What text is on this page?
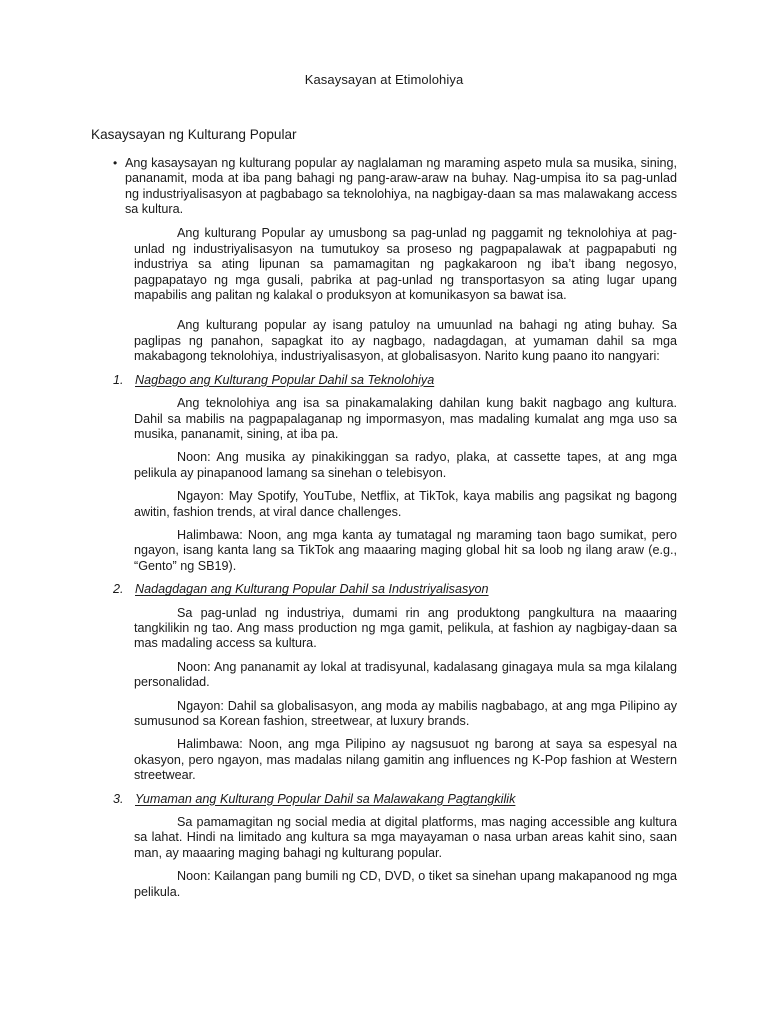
Kasaysayan at Etimolohiya
Kasaysayan ng Kulturang Popular
• Ang kasaysayan ng kulturang popular ay naglalaman ng maraming aspeto mula sa musika, sining, pananamit, moda at iba pang bahagi ng pang-araw-araw na buhay. Nag-umpisa ito sa pag-unlad ng industriyalisasyon at pagbabago sa teknolohiya, na nagbigay-daan sa mas malawakang access sa kultura.

Ang kulturang Popular ay umusbong sa pag-unlad ng paggamit ng teknolohiya at pag-unlad ng industriyalisasyon na tumutukoy sa proseso ng pagpapalawak at pagpapabuti ng industriya sa ating lipunan sa pamamagitan ng pagkakaroon ng iba’t ibang negosyo, pagpapatayo ng mga gusali, pabrika at pag-unlad ng transportasyon sa ating lugar upang mapabilis ang palitan ng kalakal o produksyon at komunikasyon sa bawat isa.

Ang kulturang popular ay isang patuloy na umuunlad na bahagi ng ating buhay. Sa paglipas ng panahon, sapagkat ito ay nagbago, nadagdagan, at yumaman dahil sa mga makabagong teknolohiya, industriyalisasyon, at globalisasyon. Narito kung paano ito nangyari:

1. Nagbago ang Kulturang Popular Dahil sa Teknolohiya

Ang teknolohiya ang isa sa pinakamalaking dahilan kung bakit nagbago ang kultura. Dahil sa mabilis na pagpapalaganap ng impormasyon, mas madaling kumalat ang mga uso sa musika, pananamit, sining, at iba pa.

Noon: Ang musika ay pinakikinggan sa radyo, plaka, at cassette tapes, at ang mga pelikula ay pinapanood lamang sa sinehan o telebisyon.

Ngayon: May Spotify, YouTube, Netflix, at TikTok, kaya mabilis ang pagsikat ng bagong awitin, fashion trends, at viral dance challenges.

Halimbawa: Noon, ang mga kanta ay tumatagal ng maraming taon bago sumikat, pero ngayon, isang kanta lang sa TikTok ang maaaring maging global hit sa loob ng ilang araw (e.g., “Gento” ng SB19).

2. Nadagdagan ang Kulturang Popular Dahil sa Industriyalisasyon

Sa pag-unlad ng industriya, dumami rin ang produktong pangkultura na maaaring tangkilikin ng tao. Ang mass production ng mga gamit, pelikula, at fashion ay nagbigay-daan sa mas madaling access sa kultura.

Noon: Ang pananamit ay lokal at tradisyunal, kadalasang ginagaya mula sa mga kilalang personalidad.

Ngayon: Dahil sa globalisasyon, ang moda ay mabilis nagbabago, at ang mga Pilipino ay sumusunod sa Korean fashion, streetwear, at luxury brands.

Halimbawa: Noon, ang mga Pilipino ay nagsusuot ng barong at saya sa espesyal na okasyon, pero ngayon, mas madalas nilang gamitin ang influences ng K-Pop fashion at Western streetwear.

3. Yumaman ang Kulturang Popular Dahil sa Malawakang Pagtangkilik

Sa pamamagitan ng social media at digital platforms, mas naging accessible ang kultura sa lahat. Hindi na limitado ang kultura sa mga mayayaman o nasa urban areas kahit sino, saan man, ay maaaring maging bahagi ng kulturang popular.

Noon: Kailangan pang bumili ng CD, DVD, o tiket sa sinehan upang makapanood ng mga pelikula.
